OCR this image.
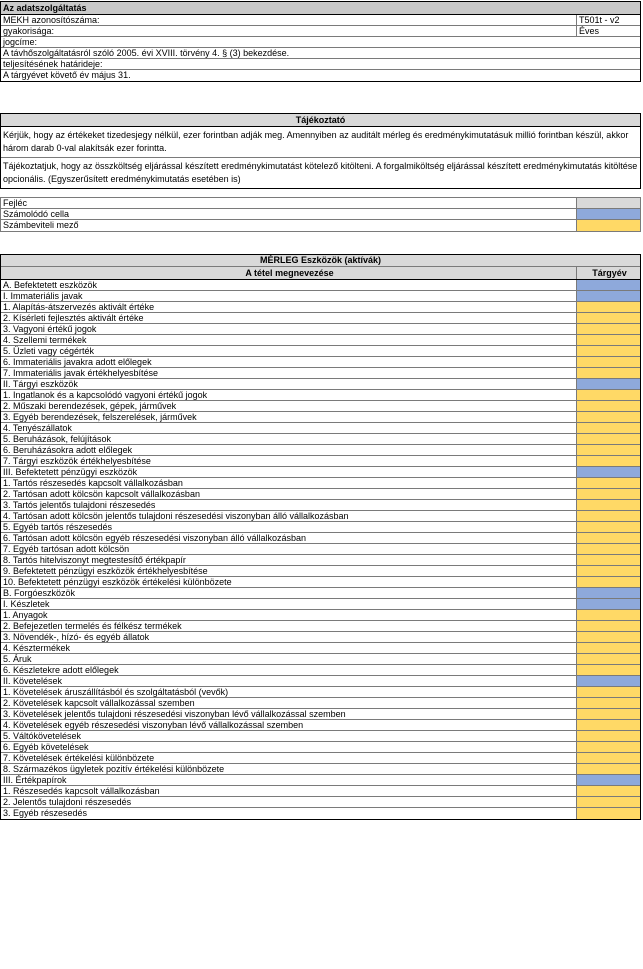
Az adatszolgáltatás
MEKH azonosítószáma:	T501t - v2
gyakorisága:	Éves
jogcíme:
A távhőszolgáltatásról szóló 2005. évi XVIII. törvény 4. § (3) bekezdése.
teljesítésének határideje:
A tárgyévet követő év május 31.
Tájékoztató
Kérjük, hogy az értékeket tizedesjegy nélkül, ezer forintban adják meg. Amennyiben az auditált mérleg és eredménykimutatásuk millió forintban készül, akkor három darab 0-val alakítsák ezer forintta.
Tájékoztatjuk, hogy az összköltség eljárással készített eredménykimutatást kötelező kitölteni. A forgalmiköltség eljárással készített eredménykimutatás kitöltése opcionális. (Egyszerűsített eredménykimutatás esetében is)
Fejléc
Számolódó cella
Számbeviteli mező
MÉRLEG Eszközök (aktívák)
A tétel megnevezése	Tárgyév
A. Befektetett eszközök
I. Immateriális javak
1. Alapítás-átszervezés aktivált értéke
2. Kísérleti fejlesztés aktivált értéke
3. Vagyoni értékű jogok
4. Szellemi termékek
5. Üzleti vagy cégérték
6. Immateriális javakra adott előlegek
7. Immateriális javak értékhelyesbítése
II. Tárgyi eszközök
1. Ingatlanok és a kapcsolódó vagyoni értékű jogok
2. Műszaki berendezések, gépek, járművek
3. Egyéb berendezések, felszerelések, járművek
4. Tenyészállatok
5. Beruházások, felújítások
6. Beruházásokra adott előlegek
7. Tárgyi eszközök értékhelyesbítése
III. Befektetett pénzügyi eszközök
1. Tartós részesedés kapcsolt vállalkozásban
2. Tartósan adott kölcsön kapcsolt vállalkozásban
3. Tartós jelentős tulajdoni részesedés
4. Tartósan adott kölcsön jelentős tulajdoni részesedési viszonyban álló vállalkozásban
5. Egyéb tartós részesedés
6. Tartósan adott kölcsön egyéb részesedési viszonyban álló vállalkozásban
7. Egyéb tartósan adott kölcsön
8. Tartós hitelviszonyt megtestesítő értékpapír
9. Befektetett pénzügyi eszközök értékhelyesbítése
10. Befektetett pénzügyi eszközök értékelési különbözete
B. Forgóeszközök
I. Készletek
1. Anyagok
2. Befejezetlen termelés és félkész termékek
3. Növendék-, hízó- és egyéb állatok
4. Késztermékek
5. Áruk
6. Készletekre adott előlegek
II. Követelések
1. Követelések áruszállításból és szolgáltatásból (vevők)
2. Követelések kapcsolt vállalkozással szemben
3. Követelések jelentős tulajdoni részesedési viszonyban lévő vállalkozással szemben
4. Követelések egyéb részesedési viszonyban lévő vállalkozással szemben
5. Váltókövetelések
6. Egyéb követelések
7. Követelések értékelési különbözete
8. Származékos ügyletek pozitív értékelési különbözete
III. Értékpapírok
1. Részesedés kapcsolt vállalkozásban
2. Jelentős tulajdoni részesedés
3. Egyéb részesedés
